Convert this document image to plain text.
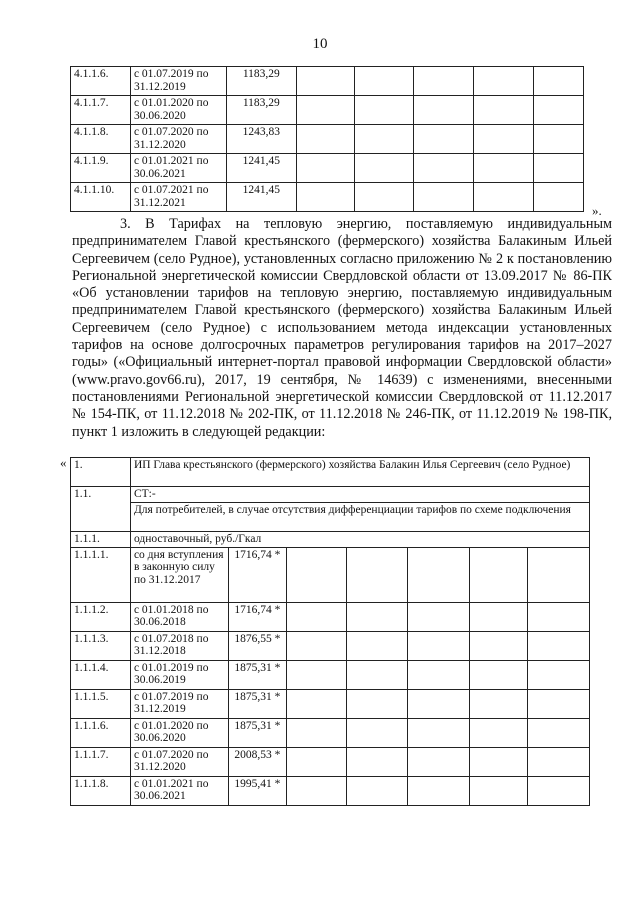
10
4.1.1.6.	с 01.07.2019 по 31.12.2019	1183,29					
4.1.1.7.	с 01.01.2020 по 30.06.2020	1183,29					
4.1.1.8.	с 01.07.2020 по 31.12.2020	1243,83					
4.1.1.9.	с 01.01.2021 по 30.06.2021	1241,45					
4.1.1.10.	с 01.07.2021 по 31.12.2021	1241,45					
».

3. В Тарифах на тепловую энергию, поставляемую индивидуальным предпринимателем Главой крестьянского (фермерского) хозяйства Балакиным Ильей Сергеевичем (село Рудное), установленных согласно приложению № 2 к постановлению Региональной энергетической комиссии Свердловской области от 13.09.2017 № 86-ПК «Об установлении тарифов на тепловую энергию, поставляемую индивидуальным предпринимателем Главой крестьянского (фермерского) хозяйства Балакиным Ильей Сергеевичем (село Рудное) с использованием метода индексации установленных тарифов на основе долгосрочных параметров регулирования тарифов на 2017–2027 годы» («Официальный интернет-портал правовой информации Свердловской области» (www.pravo.gov66.ru), 2017, 19 сентября, № 14639) с изменениями, внесенными постановлениями Региональной энергетической комиссии Свердловской от 11.12.2017 № 154-ПК, от 11.12.2018 № 202-ПК, от 11.12.2018 № 246-ПК, от 11.12.2019 № 198-ПК, пункт 1 изложить в следующей редакции:

« 1.	ИП Глава крестьянского (фермерского) хозяйства Балакин Илья Сергеевич (село Рудное)						
1.1.	СТ:-						
	Для потребителей, в случае отсутствия дифференциации тарифов по схеме подключения						
1.1.1.	одноставочный, руб./Гкал						
1.1.1.1.	со дня вступления в законную силу по 31.12.2017	1716,74 *					
1.1.1.2.	с 01.01.2018 по 30.06.2018	1716,74 *					
1.1.1.3.	с 01.07.2018 по 31.12.2018	1876,55 *					
1.1.1.4.	с 01.01.2019 по 30.06.2019	1875,31 *					
1.1.1.5.	с 01.07.2019 по 31.12.2019	1875,31 *					
1.1.1.6.	с 01.01.2020 по 30.06.2020	1875,31 *					
1.1.1.7.	с 01.07.2020 по 31.12.2020	2008,53 *					
1.1.1.8.	с 01.01.2021 по 30.06.2021	1995,41 *					
